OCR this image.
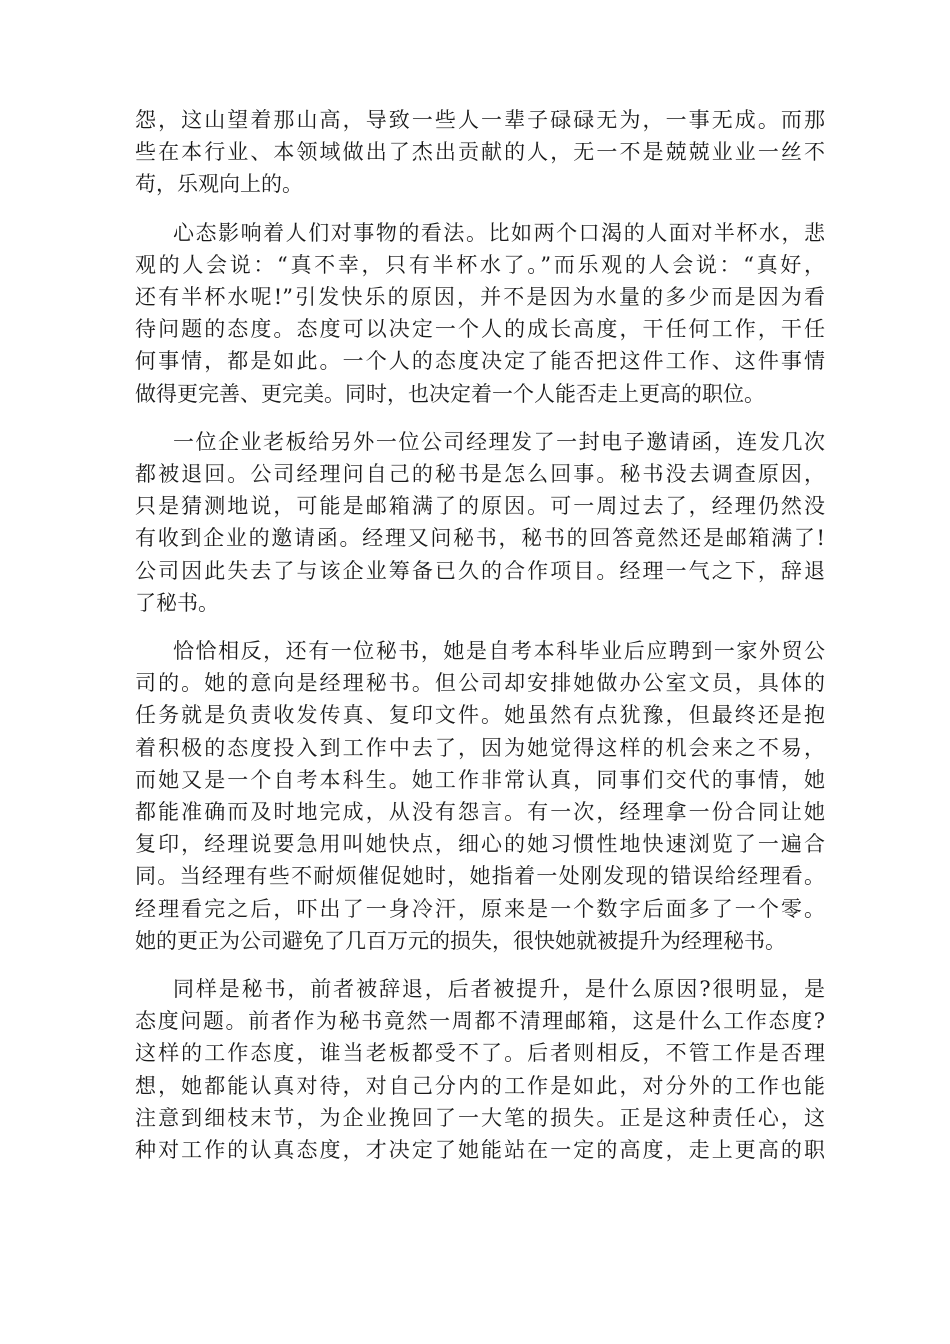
怨，这山望着那山高，导致一些人一辈子碌碌无为，一事无成。而那
些在本行业、本领域做出了杰出贡献的人，无一不是兢兢业业一丝不
苟，乐观向上的。
心态影响着人们对事物的看法。比如两个口渴的人面对半杯水，悲
观的人会说：“真不幸，只有半杯水了。”而乐观的人会说：“真好，
还有半杯水呢!”引发快乐的原因，并不是因为水量的多少而是因为看
待问题的态度。态度可以决定一个人的成长高度，干任何工作，干任
何事情，都是如此。一个人的态度决定了能否把这件工作、这件事情
做得更完善、更完美。同时，也决定着一个人能否走上更高的职位。
一位企业老板给另外一位公司经理发了一封电子邀请函，连发几次
都被退回。公司经理问自己的秘书是怎么回事。秘书没去调查原因，
只是猜测地说，可能是邮箱满了的原因。可一周过去了，经理仍然没
有收到企业的邀请函。经理又问秘书，秘书的回答竟然还是邮箱满了!
公司因此失去了与该企业筹备已久的合作项目。经理一气之下，辞退
了秘书。
恰恰相反，还有一位秘书，她是自考本科毕业后应聘到一家外贸公
司的。她的意向是经理秘书。但公司却安排她做办公室文员，具体的
任务就是负责收发传真、复印文件。她虽然有点犹豫，但最终还是抱
着积极的态度投入到工作中去了，因为她觉得这样的机会来之不易，
而她又是一个自考本科生。她工作非常认真，同事们交代的事情，她
都能准确而及时地完成，从没有怨言。有一次，经理拿一份合同让她
复印，经理说要急用叫她快点，细心的她习惯性地快速浏览了一遍合
同。当经理有些不耐烦催促她时，她指着一处刚发现的错误给经理看。
经理看完之后，吓出了一身冷汗，原来是一个数字后面多了一个零。
她的更正为公司避免了几百万元的损失，很快她就被提升为经理秘书。
同样是秘书，前者被辞退，后者被提升，是什么原因?很明显，是
态度问题。前者作为秘书竟然一周都不清理邮箱，这是什么工作态度?
这样的工作态度，谁当老板都受不了。后者则相反，不管工作是否理
想，她都能认真对待，对自己分内的工作是如此，对分外的工作也能
注意到细枝末节，为企业挽回了一大笔的损失。正是这种责任心，这
种对工作的认真态度，才决定了她能站在一定的高度，走上更高的职
